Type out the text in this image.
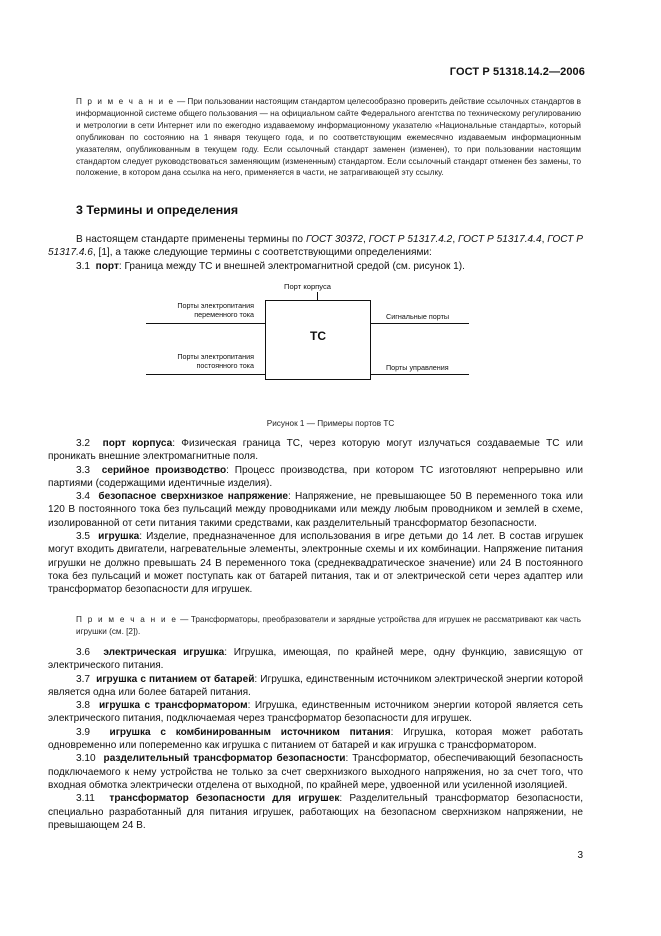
ГОСТ Р 51318.14.2—2006
П р и м е ч а н и е — При пользовании настоящим стандартом целесообразно проверить действие ссылочных стандартов в информационной системе общего пользования — на официальном сайте Федерального агентства по техническому регулированию и метрологии в сети Интернет или по ежегодно издаваемому информационному указателю «Национальные стандарты», который опубликован по состоянию на 1 января текущего года, и по соответствующим ежемесячно издаваемым информационным указателям, опубликованным в текущем году. Если ссылочный стандарт заменен (изменен), то при пользовании настоящим стандартом следует руководствоваться заменяющим (измененным) стандартом. Если ссылочный стандарт отменен без замены, то положение, в котором дана ссылка на него, применяется в части, не затрагивающей эту ссылку.
3 Термины и определения

В настоящем стандарте применены термины по ГОСТ 30372, ГОСТ Р 51317.4.2, ГОСТ Р 51317.4.4, ГОСТ Р 51317.4.6, [1], а также следующие термины с соответствующими определениями:

3.1 порт: Граница между ТС и внешней электромагнитной средой (см. рисунок 1).

Порт корпуса
ТС
Порты электропитания
переменного тока
Порты электропитания
постоянного тока
Сигнальные порты
Порты управления
Рисунок 1 — Примеры портов ТС

3.2 порт корпуса: Физическая граница ТС, через которую могут излучаться создаваемые ТС или проникать внешние электромагнитные поля.

3.3 серийное производство: Процесс производства, при котором ТС изготовляют непрерывно или партиями (содержащими идентичные изделия).

3.4 безопасное сверхнизкое напряжение: Напряжение, не превышающее 50 В переменного тока или 120 В постоянного тока без пульсаций между проводниками или между любым проводником и землей в схеме, изолированной от сети питания такими средствами, как разделительный трансформатор безопасности.

3.5 игрушка: Изделие, предназначенное для использования в игре детьми до 14 лет. В состав игрушек могут входить двигатели, нагревательные элементы, электронные схемы и их комбинации. Напряжение питания игрушки не должно превышать 24 В переменного тока (среднеквадратическое значение) или 24 В постоянного тока без пульсаций и может поступать как от батарей питания, так и от электрической сети через адаптер или трансформатор безопасности для игрушек.

П р и м е ч а н и е — Трансформаторы, преобразователи и зарядные устройства для игрушек не рассматривают как часть игрушки (см. [2]).

3.6 электрическая игрушка: Игрушка, имеющая, по крайней мере, одну функцию, зависящую от электрического питания.

3.7 игрушка с питанием от батарей: Игрушка, единственным источником электрической энергии которой является одна или более батарей питания.

3.8 игрушка с трансформатором: Игрушка, единственным источником энергии которой является сеть электрического питания, подключаемая через трансформатор безопасности для игрушек.

3.9 игрушка с комбинированным источником питания: Игрушка, которая может работать одновременно или попеременно как игрушка с питанием от батарей и как игрушка с трансформатором.

3.10 разделительный трансформатор безопасности: Трансформатор, обеспечивающий безопасность подключаемого к нему устройства не только за счет сверхнизкого выходного напряжения, но за счет того, что входная обмотка электрически отделена от выходной, по крайней мере, удвоенной или усиленной изоляцией.

3.11 трансформатор безопасности для игрушек: Разделительный трансформатор безопасности, специально разработанный для питания игрушек, работающих на безопасном сверхнизком напряжении, не превышающем 24 В.

3
